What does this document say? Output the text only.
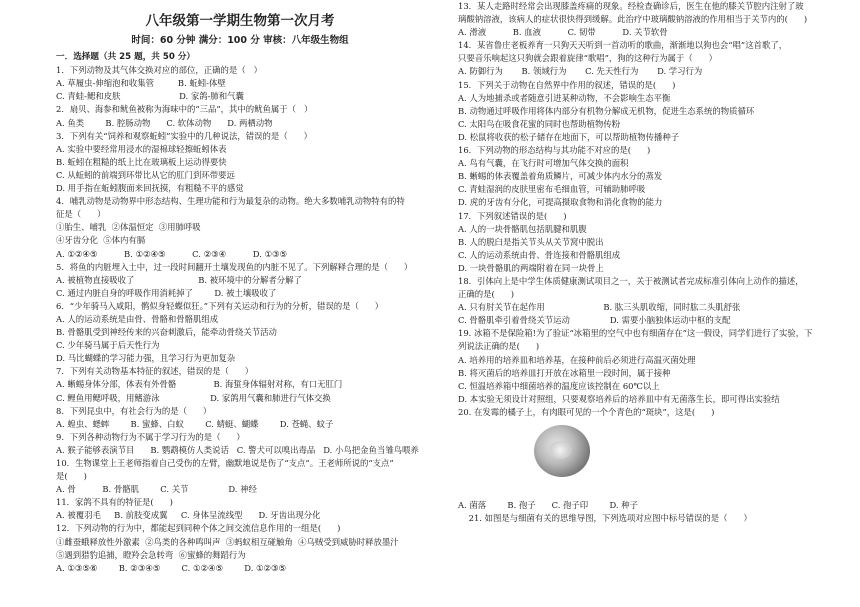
八年级第一学期生物第一次月考
时间：60 分钟 满分：100 分 审核：八年级生物组
一．选择题（共 25 题，共 50 分）
1．下列动物及其气体交换对应的部位，正确的是（   ）
A. 草履虫-伸缩泡和收集管         B. 蚯蚓-体壁
C. 青蛙-鳃和皮肤                      D. 家鸽-肺和气囊
2．扇贝、海参和鱿鱼被称为海味中的“三品”，其中的鱿鱼属于（   ）
A. 鱼类        B. 腔肠动物      C. 软体动物      D. 两栖动物
3．下列有关“饲养和观察蚯蚓”实验中的几种说法，错误的是（      ）
A. 实验中要经常用浸水的湿棉球轻擦蚯蚓体表
B. 蚯蚓在粗糙的纸上比在玻璃板上运动得要快
C. 从蚯蚓的前端到环带比从它的肛门到环带要远
D. 用手指在蚯蚓腹面来回抚摸，有粗糙不平的感觉
4．哺乳动物是动物界中形态结构、生理功能和行为最复杂的动物。绝大多数哺乳动物特有的特
征是（      ）
①胎生、哺乳  ②体温恒定  ③用肺呼吸
④牙齿分化  ⑤体内有膈
A. ①②④⑤          B. ①②④⑤          C. ②③④          D. ①③⑤
5．将鱼的内脏埋入土中，过一段时间翻开土壤发现鱼的内脏不见了。下列解释合理的是（      ）
A. 被植物直接吸收了                        B. 被环境中的分解者分解了
C. 通过内脏自身的呼吸作用消耗掉了        D. 被土壤吸收了
6．“少年骑马入咸阳，鹘似身轻蝶似狂。”下列有关运动和行为的分析，错误的是（      ）
A. 人的运动系统是由骨、骨骼和骨骼肌组成
B. 骨骼肌受到神经传来的兴奋刺激后，能牵动骨绕关节活动
C. 少年骑马属于后天性行为
D. 马比蝴蝶的学习能力强，且学习行为更加复杂
7．下列有关动物基本特征的叙述，错误的是（      ）
A. 蜥蜴身体分部，体表有外骨骼              B. 海蜇身体辐射对称，有口无肛门
C. 鲤鱼用鳃呼吸，用鳍游泳                   D. 家鸽用气囊和肺进行气体交换
8．下列昆虫中，有社会行为的是（      ）
A. 蝗虫、蟋蟀        B. 蜜蜂、白蚁        C. 蜻蜓、蝴蝶        D. 苍蝇、蚊子
9．下列各种动物行为不属于学习行为的是（      ）
A. 猴子能够表演节目      B. 鹦鹉模仿人类说话   C. 警犬可以嗅出毒品   D. 小鸟把金鱼当雏鸟喂养
10．生物课堂上王老师指着自己受伤的左臂，幽默地说是伤了“支点”。王老师所说的“支点”
是(      )
A. 骨          B. 骨骼肌        C. 关节               D. 神经
11．家鸽不具有的特征是(      )
A. 被覆羽毛     B. 前肢变成翼     C. 身体呈流线型      D. 牙齿出现分化
12．下列动物的行为中，都能起到同种个体之间交流信息作用的一组是(      )
①雌蚕蛾释放性外激素  ②鸟类的各种鸣叫声  ③蚂蚁相互碰触角  ④乌贼受到威胁时释放墨汁
⑤遇到猎豹追捕，瞪羚会急转弯  ⑥蜜蜂的舞蹈行为
A. ①③⑤⑥        B. ②③④⑤        C. ①②④⑤        D. ①②③⑤
13．某人走路时经常会出现膝盖疼痛的现象。经检查确诊后，医生在他的膝关节腔内注射了玻
璃酸钠溶液，该病人的症状很快得到缓解。此治疗中玻璃酸钠溶液的作用相当于关节内的(      )
A. 滑液          B. 血液          C. 韧带          D. 关节软骨
14．某省鲁庄老板养育一只狗天天听到一首动听的歌曲，渐渐地以狗也会“唱”这首歌了，
只要音乐响起这只狗就会跟着旋律“歌唱”，狗的这种行为属于（      ）
A. 防御行为       B. 领域行为       C. 先天性行为       D. 学习行为
15．下列关于动物在自然界中作用的叙述，错误的是(      )
A. 人为地捕杀或者随意引进某种动物，不会影响生态平衡
B. 动物通过呼吸作用将体内部分有机物分解成无机物，促进生态系统的物质循环
C. 太阳鸟在吸食花蜜的同时也帮助植物传粉
D. 松鼠将收获的松子储存在地面下，可以帮助植物传播种子
16．下列动物的形态结构与其功能不对应的是(      )
A. 鸟有气囊，在飞行时可增加气体交换的面积
B. 蜥蜴的体表覆盖着角质鳞片，可减少体内水分的蒸发
C. 青蛙湿润的皮肤里密布毛细血管，可辅助肺呼吸
D. 虎的牙齿有分化，可提高摄取食物和消化食物的能力
17．下列叙述错误的是(      )
A. 人的一块骨骼肌包括肌腱和肌腹
B. 人的脱臼是指关节头从关节窝中脱出
C. 人的运动系统由骨、骨连接和骨骼肌组成
D. 一块骨骼肌的两端附着在同一块骨上
18．引体向上是中学生体质健康测试项目之一，关于被测试者完成标准引体向上动作的描述，
正确的是(      )
A. 只有肘关节在起作用                      B. 肱三头肌收缩，同时肱二头肌舒张
C. 骨骼肌牵引着骨绕关节运动               D. 需要小脑独体运动中枢的支配
19. 冰箱不是保险箱!为了验证“冰箱里的空气中也有细菌存在”这一假设，同学们进行了实验，下
列说法正确的是(      )
A. 培养用的培养皿和培养基，在接种前后必须进行高温灭菌处理
B. 将灭菌后的培养皿打开放在冰箱里一段时间，属于接种
C. 恒温培养箱中细菌培养的温度应该控制在 60℃以上
D. 本实验无须设计对照组，只要观察培养后的培养皿中有无菌落生长，即可得出实验结
20. 在发霉的橘子上，有肉眼可见的一个个青色的“斑块”，这是(      )
A. 菌落        B. 孢子      C. 孢子印        D. 种子
21. 如图是与细菌有关的思维导图，下列选项对应图中标号错误的是（      ）
